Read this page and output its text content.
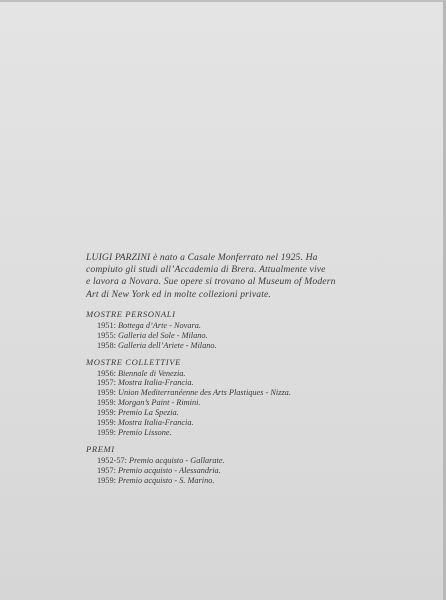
LUIGI PARZINI è nato a Casale Monferrato nel 1925. Ha
compiuto gli studi all’Accademia di Brera. Attualmente vive
e lavora a Novara. Sue opere si trovano al Museum of Modern
Art di New York ed in molte collezioni private.

MOSTRE PERSONALI
1951: Bottega d’Arte - Novara.
1955: Galleria del Sole - Milano.
1958: Galleria dell’Ariete - Milano.
MOSTRE COLLETTIVE
1956: Biennale di Venezia.
1957: Mostra Italia-Francia.
1959: Union Mediterranéenne des Arts Plastiques - Nizza.
1959: Morgan’s Paint - Rimini.
1959: Premio La Spezia.
1959: Mostra Italia-Francia.
1959: Premio Lissone.
PREMI
1952-57: Premio acquisto - Gallarate.
1957: Premio acquisto - Alessandria.
1959: Premio acquisto - S. Marino.
